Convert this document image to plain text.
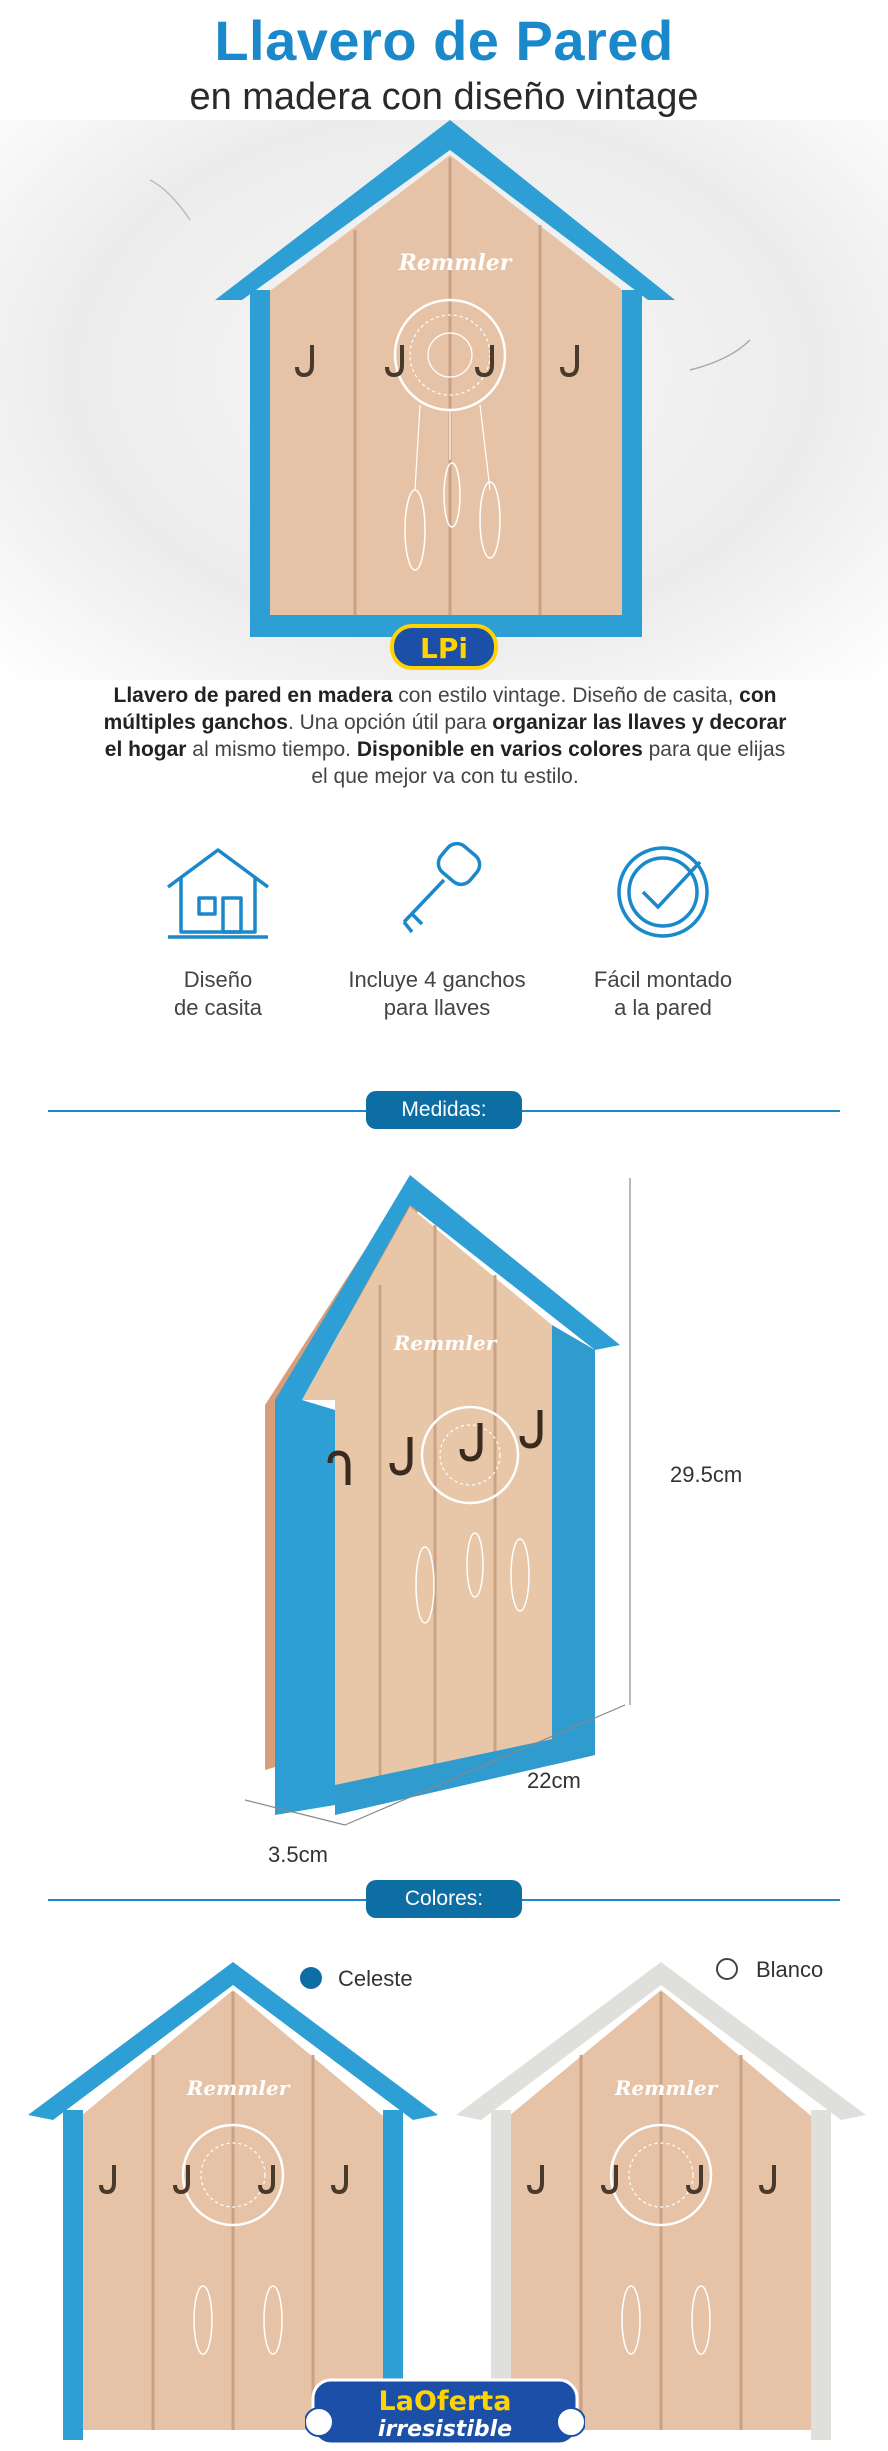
Llavero de Pared
en madera con diseño vintage
Remmler
LPi
Llavero de pared en madera con estilo vintage. Diseño de casita, con múltiples ganchos. Una opción útil para organizar las llaves y decorar el hogar al mismo tiempo. Disponible en varios colores para que elijas el que mejor va con tu estilo.
Diseño
de casita
Incluye 4 ganchos
para llaves
Fácil montado
a la pared
Medidas:
Remmler
29.5cm
22cm
3.5cm
Colores:
Celeste	Blanco
Remmler	Remmler
LaOferta
irresistible
